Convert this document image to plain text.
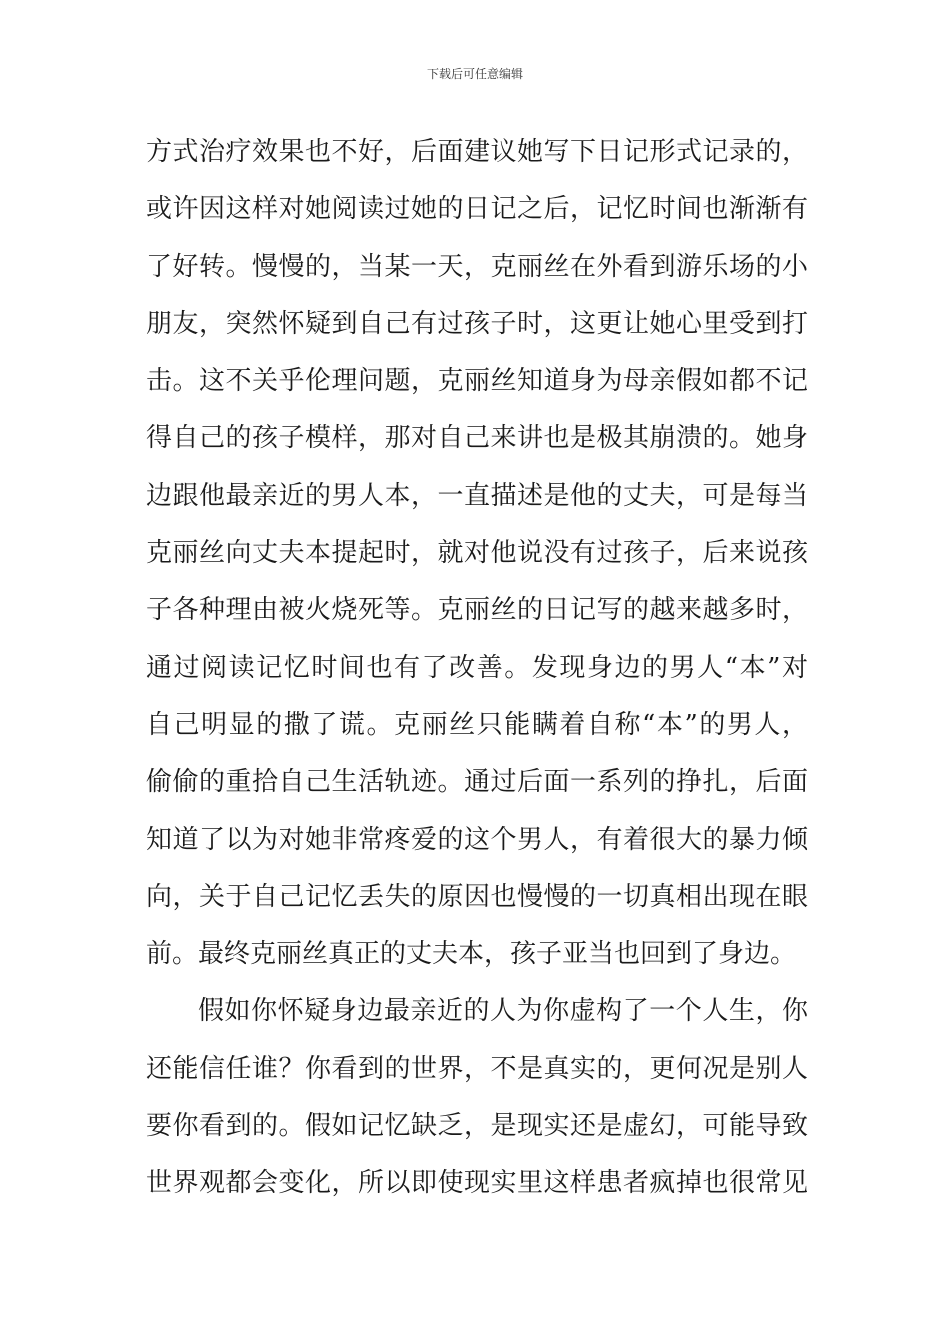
下载后可任意编辑
方式治疗效果也不好，后面建议她写下日记形式记录的，
或许因这样对她阅读过她的日记之后，记忆时间也渐渐有
了好转。慢慢的，当某一天，克丽丝在外看到游乐场的小
朋友，突然怀疑到自己有过孩子时，这更让她心里受到打
击。这不关乎伦理问题，克丽丝知道身为母亲假如都不记
得自己的孩子模样，那对自己来讲也是极其崩溃的。她身
边跟他最亲近的男人本，一直描述是他的丈夫，可是每当
克丽丝向丈夫本提起时，就对他说没有过孩子，后来说孩
子各种理由被火烧死等。克丽丝的日记写的越来越多时，
通过阅读记忆时间也有了改善。发现身边的男人“本”对
自己明显的撒了谎。克丽丝只能瞒着自称“本”的男人，
偷偷的重拾自己生活轨迹。通过后面一系列的挣扎，后面
知道了以为对她非常疼爱的这个男人，有着很大的暴力倾
向，关于自己记忆丢失的原因也慢慢的一切真相出现在眼
前。最终克丽丝真正的丈夫本，孩子亚当也回到了身边。
假如你怀疑身边最亲近的人为你虚构了一个人生，你
还能信任谁？你看到的世界，不是真实的，更何况是别人
要你看到的。假如记忆缺乏，是现实还是虚幻，可能导致
世界观都会变化，所以即使现实里这样患者疯掉也很常见
